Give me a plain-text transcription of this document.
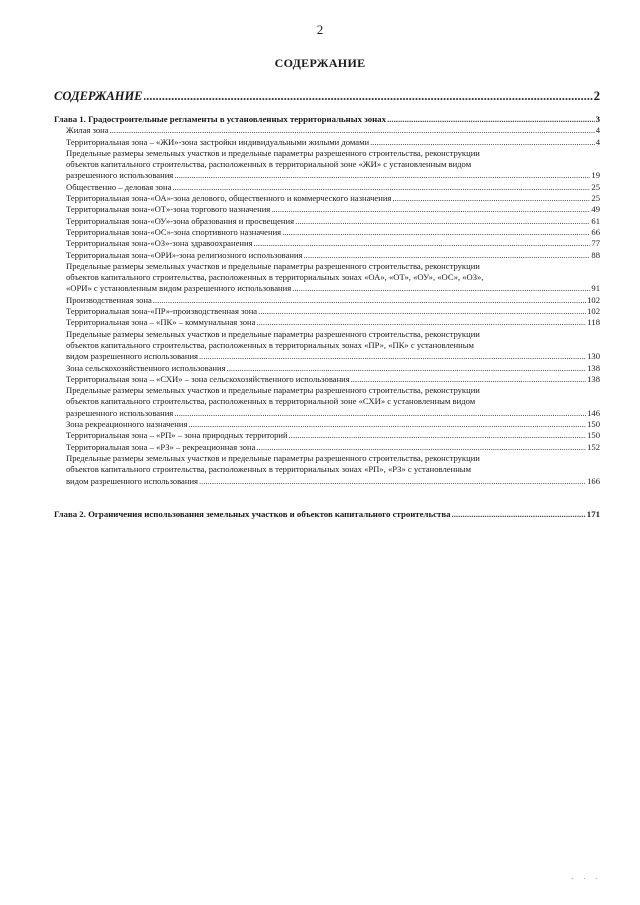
2
СОДЕРЖАНИЕ
СОДЕРЖАНИЕ .....	2
Глава 1. Градостроительные регламенты в установленных территориальных зонах .....	3
Жилая зона .....	4
Территориальная зона – «ЖИ»-зона застройки индивидуальными жилыми домами .....	4
Предельные размеры земельных участков и предельные параметры разрешенного строительства, реконструкции
объектов капитального строительства, расположенных в территориальной зоне «ЖИ» с установленным видом
разрешенного использования .....	19
Общественно – деловая зона .....	25
Территориальная зона-«ОА»-зона делового, общественного и коммерческого назначения .....	25
Территориальная зона-«ОТ»-зона торгового назначения .....	49
Территориальная зона-«ОУ»-зона образования и просвещения .....	61
Территориальная зона-«ОС»-зона спортивного назначения .....	66
Территориальная зона-«ОЗ»-зона здравоохранения .....	77
Территориальная зона-«ОРИ»-зона религиозного использования .....	88
Предельные размеры земельных участков и предельные параметры разрешенного строительства, реконструкции
объектов капитального строительства, расположенных в территориальных зонах «ОА», «ОТ», «ОУ», «ОС», «ОЗ»,
«ОРИ» с установленным видом разрешенного использования .....	91
Производственная зона .....	102
Территориальная зона-«ПР»-производственная зона .....	102
Территориальная зона – «ПК» – коммунальная зона .....	118
Предельные размеры земельных участков и предельные параметры разрешенного строительства, реконструкции
объектов капитального строительства, расположенных в территориальных зонах «ПР», «ПК» с установленным
видом разрешенного использования .....	130
Зона сельскохозяйственного использования .....	138
Территориальная зона – «СХИ» – зона сельскохозяйственного использования .....	138
Предельные размеры земельных участков и предельные параметры разрешенного строительства, реконструкции
объектов капитального строительства, расположенных в территориальной зоне «СХИ» с установленным видом
разрешенного использования .....	146
Зона рекреационного назначения .....	150
Территориальная зона – «РП» – зона природных территорий .....	150
Территориальная зона – «РЗ» – рекреационная зона .....	152
Предельные размеры земельных участков и предельные параметры разрешенного строительства, реконструкции
объектов капитального строительства, расположенных в территориальных зонах «РП», «РЗ» с установленным
видом разрешенного использования .....	166
Глава 2. Ограничения использования земельных участков и объектов капитального строительства .....	171
· · ·
